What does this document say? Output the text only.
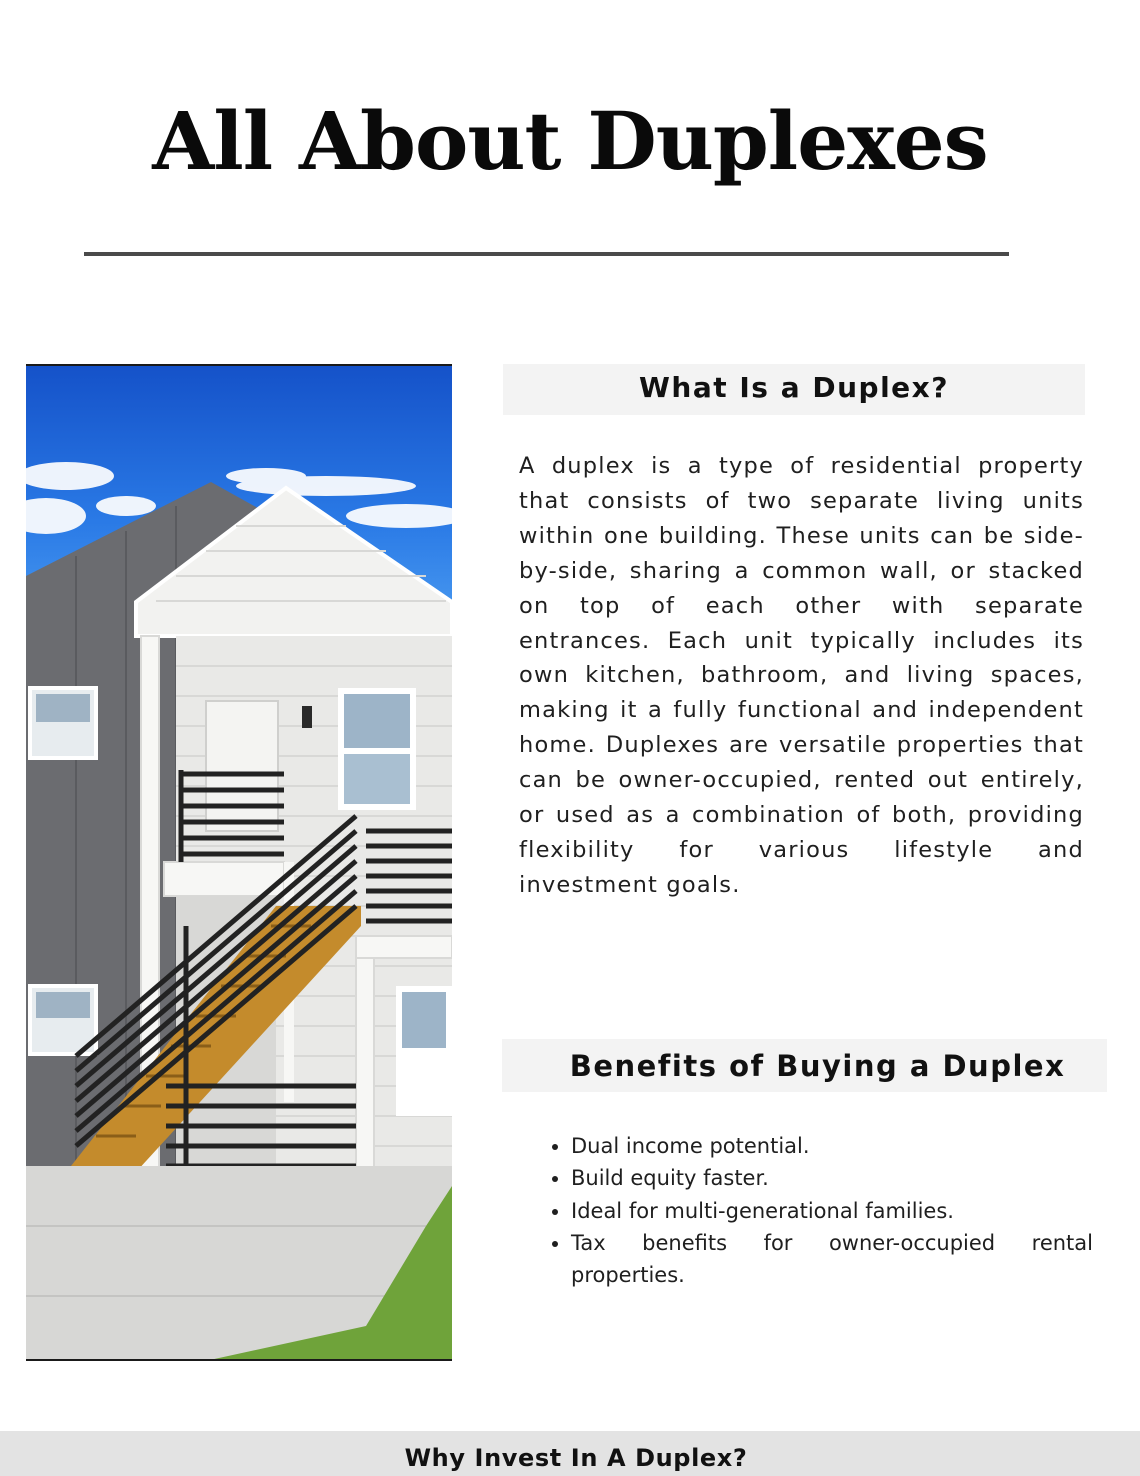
All About Duplexes
What Is a Duplex?

A duplex is a type of residential property that consists of two separate living units within one building. These units can be side-by-side, sharing a common wall, or stacked on top of each other with separate entrances. Each unit typically includes its own kitchen, bathroom, and living spaces, making it a fully functional and independent home. Duplexes are versatile properties that can be owner-occupied, rented out entirely, or used as a combination of both, providing flexibility for various lifestyle and investment goals.

Benefits of Buying a Duplex
• Dual income potential.
• Build equity faster.
• Ideal for multi-generational families.
• Tax benefits for owner-occupied rental properties.

Why Invest In A Duplex?
